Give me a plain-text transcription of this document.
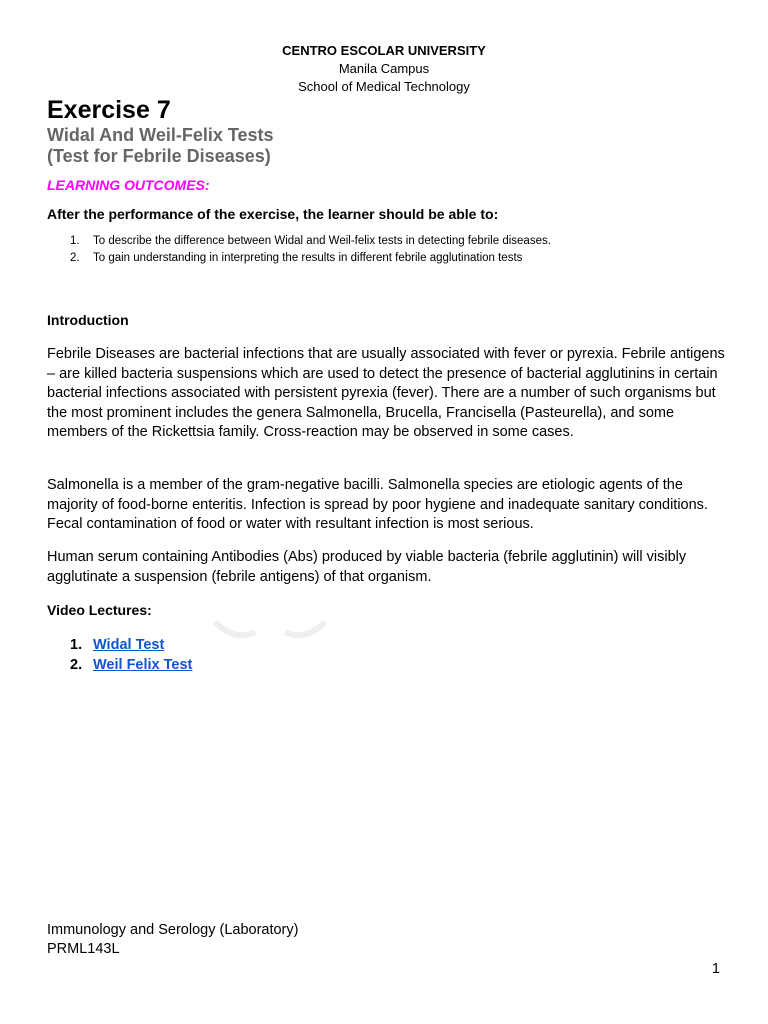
CENTRO ESCOLAR UNIVERSITY
Manila Campus
School of Medical Technology
Exercise 7
Widal And Weil-Felix Tests
(Test for Febrile Diseases)
LEARNING OUTCOMES:
After the performance of the exercise, the learner should be able to:
1. To describe the difference between Widal and Weil-felix tests in detecting febrile diseases.
2. To gain understanding in interpreting the results in different febrile agglutination tests
Introduction

Febrile Diseases are bacterial infections that are usually associated with fever or pyrexia. Febrile antigens – are killed bacteria suspensions which are used to detect the presence of bacterial agglutinins in certain bacterial infections associated with persistent pyrexia (fever). There are a number of such organisms but the most prominent includes the genera Salmonella, Brucella, Francisella (Pasteurella), and some members of the Rickettsia family. Cross-reaction may be observed in some cases.

Salmonella is a member of the gram-negative bacilli. Salmonella species are etiologic agents of the majority of food-borne enteritis. Infection is spread by poor hygiene and inadequate sanitary conditions. Fecal contamination of food or water with resultant infection is most serious.

Human serum containing Antibodies (Abs) produced by viable bacteria (febrile agglutinin) will visibly agglutinate a suspension (febrile antigens) of that organism.

Video Lectures:
1. Widal Test
2. Weil Felix Test
Immunology and Serology (Laboratory)
PRML143L
1
